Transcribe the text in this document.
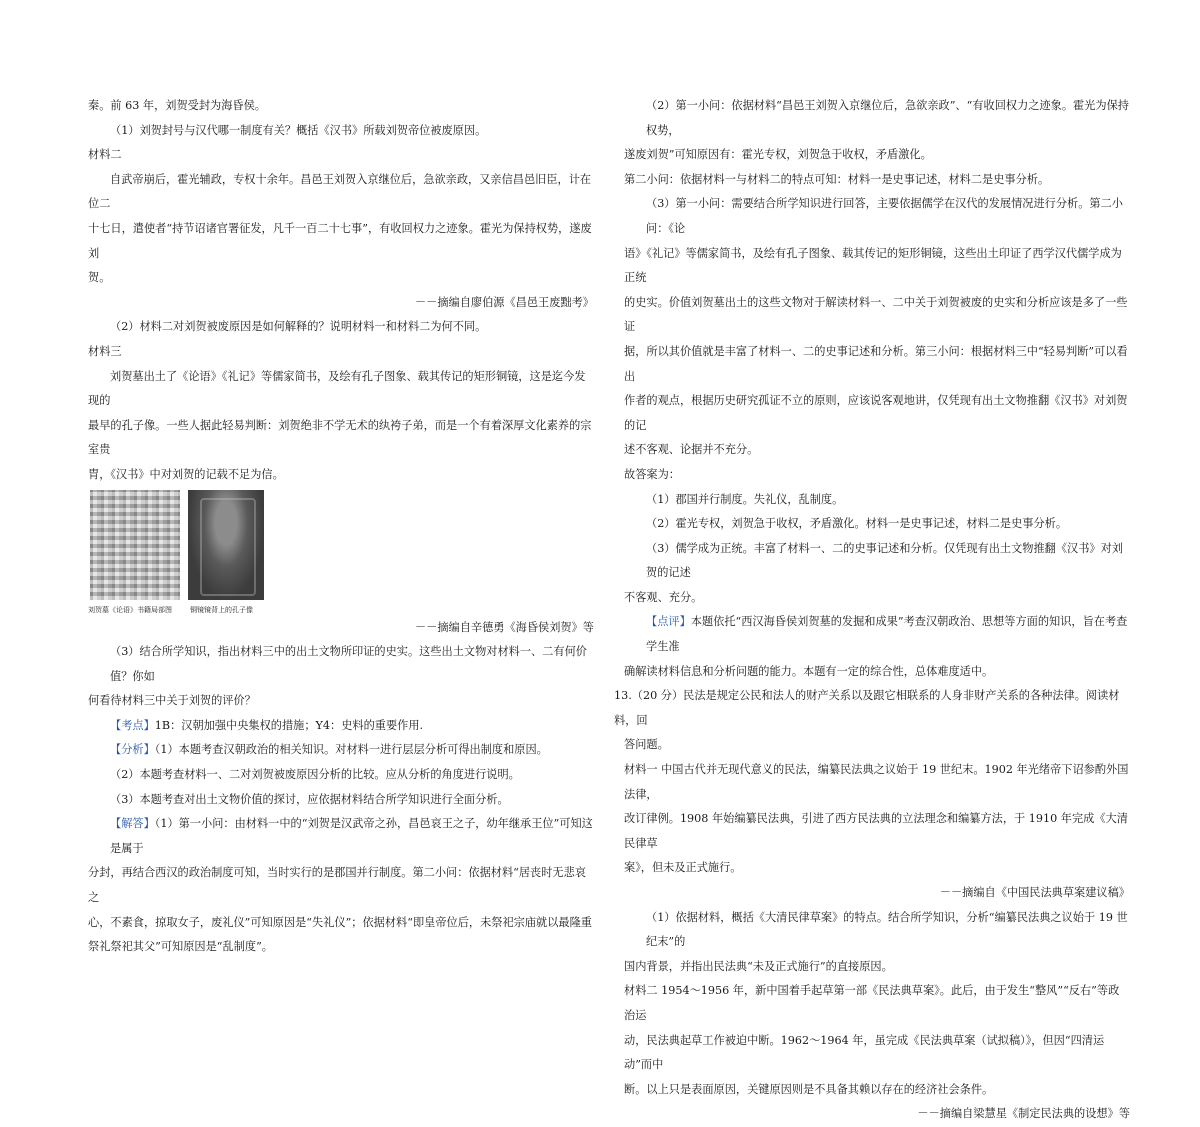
秦。前 63 年，刘贺受封为海昏侯。

（1）刘贺封号与汉代哪一制度有关？概括《汉书》所载刘贺帝位被废原因。

材料二

自武帝崩后，霍光辅政，专权十余年。昌邑王刘贺入京继位后，急欲亲政，又亲信昌邑旧臣，计在位二

十七日，遣使者“持节诏诸官署征发，凡千一百二十七事”，有收回权力之迹象。霍光为保持权势，遂废刘

贺。

－－摘编自廖伯源《昌邑王废黜考》

（2）材料二对刘贺被废原因是如何解释的？说明材料一和材料二为何不同。

材料三

刘贺墓出土了《论语》《礼记》等儒家简书，及绘有孔子图象、载其传记的矩形铜镜，这是迄今发现的

最早的孔子像。一些人据此轻易判断：刘贺绝非不学无术的纨袴子弟，而是一个有着深厚文化素养的宗室贵

胄，《汉书》中对刘贺的记载不足为信。

刘贺墓《论语》书籍局部图	铜镜镜背上的孔子像

－－摘编自辛德勇《海昏侯刘贺》等

（3）结合所学知识，指出材料三中的出土文物所印证的史实。这些出土文物对材料一、二有何价值？你如

何看待材料三中关于刘贺的评价？

【考点】1B：汉朝加强中央集权的措施；Y4：史料的重要作用.

【分析】（1）本题考查汉朝政治的相关知识。对材料一进行层层分析可得出制度和原因。

（2）本题考查材料一、二对刘贺被废原因分析的比较。应从分析的角度进行说明。

（3）本题考查对出土文物价值的探讨，应依据材料结合所学知识进行全面分析。

【解答】（1）第一小问：由材料一中的“刘贺是汉武帝之孙，昌邑哀王之子，幼年继承王位”可知这是属于

分封，再结合西汉的政治制度可知，当时实行的是郡国并行制度。第二小问：依据材料“居丧时无悲哀之

心，不素食，掠取女子，废礼仪”可知原因是“失礼仪”；依据材料“即皇帝位后，未祭祀宗庙就以最隆重

祭礼祭祀其父”可知原因是“乱制度”。

（2）第一小问：依据材料“昌邑王刘贺入京继位后，急欲亲政”、“有收回权力之迹象。霍光为保持权势，

遂废刘贺”可知原因有：霍光专权，刘贺急于收权，矛盾激化。

第二小问：依据材料一与材料二的特点可知：材料一是史事记述，材料二是史事分析。

（3）第一小问：需要结合所学知识进行回答，主要依据儒学在汉代的发展情况进行分析。第二小问：《论

语》《礼记》等儒家简书，及绘有孔子图象、载其传记的矩形铜镜，这些出土印证了西学汉代儒学成为正统

的史实。价值刘贺墓出土的这些文物对于解读材料一、二中关于刘贺被废的史实和分析应该是多了一些证

据，所以其价值就是丰富了材料一、二的史事记述和分析。第三小问：根据材料三中“轻易判断”可以看出

作者的观点，根据历史研究孤证不立的原则，应该说客观地讲，仅凭现有出土文物推翻《汉书》对刘贺的记

述不客观、论据并不充分。

故答案为：

（1）郡国并行制度。失礼仪，乱制度。

（2）霍光专权，刘贺急于收权，矛盾激化。材料一是史事记述，材料二是史事分析。

（3）儒学成为正统。丰富了材料一、二的史事记述和分析。仅凭现有出土文物推翻《汉书》对刘贺的记述

不客观、充分。

【点评】本题依托“西汉海昏侯刘贺墓的发掘和成果”考查汉朝政治、思想等方面的知识，旨在考查学生准

确解读材料信息和分析问题的能力。本题有一定的综合性，总体难度适中。

13.（20 分）民法是规定公民和法人的财产关系以及跟它相联系的人身非财产关系的各种法律。阅读材料，回

答问题。

材料一 中国古代并无现代意义的民法，编纂民法典之议始于 19 世纪末。1902 年光绪帝下诏参酌外国法律，

改订律例。1908 年始编纂民法典，引进了西方民法典的立法理念和编纂方法，于 1910 年完成《大清民律草

案》，但未及正式施行。

－－摘编自《中国民法典草案建议稿》

（1）依据材料，概括《大清民律草案》的特点。结合所学知识，分析“编纂民法典之议始于 19 世纪末”的

国内背景，并指出民法典“未及正式施行”的直接原因。

材料二 1954～1956 年，新中国着手起草第一部《民法典草案》。此后，由于发生“整风”“反右”等政治运

动，民法典起草工作被迫中断。1962～1964 年，虽完成《民法典草案（试拟稿）》，但因“四清运动”而中

断。以上只是表面原因，关键原因则是不具备其赖以存在的经济社会条件。

－－摘编自梁慧星《制定民法典的设想》等
